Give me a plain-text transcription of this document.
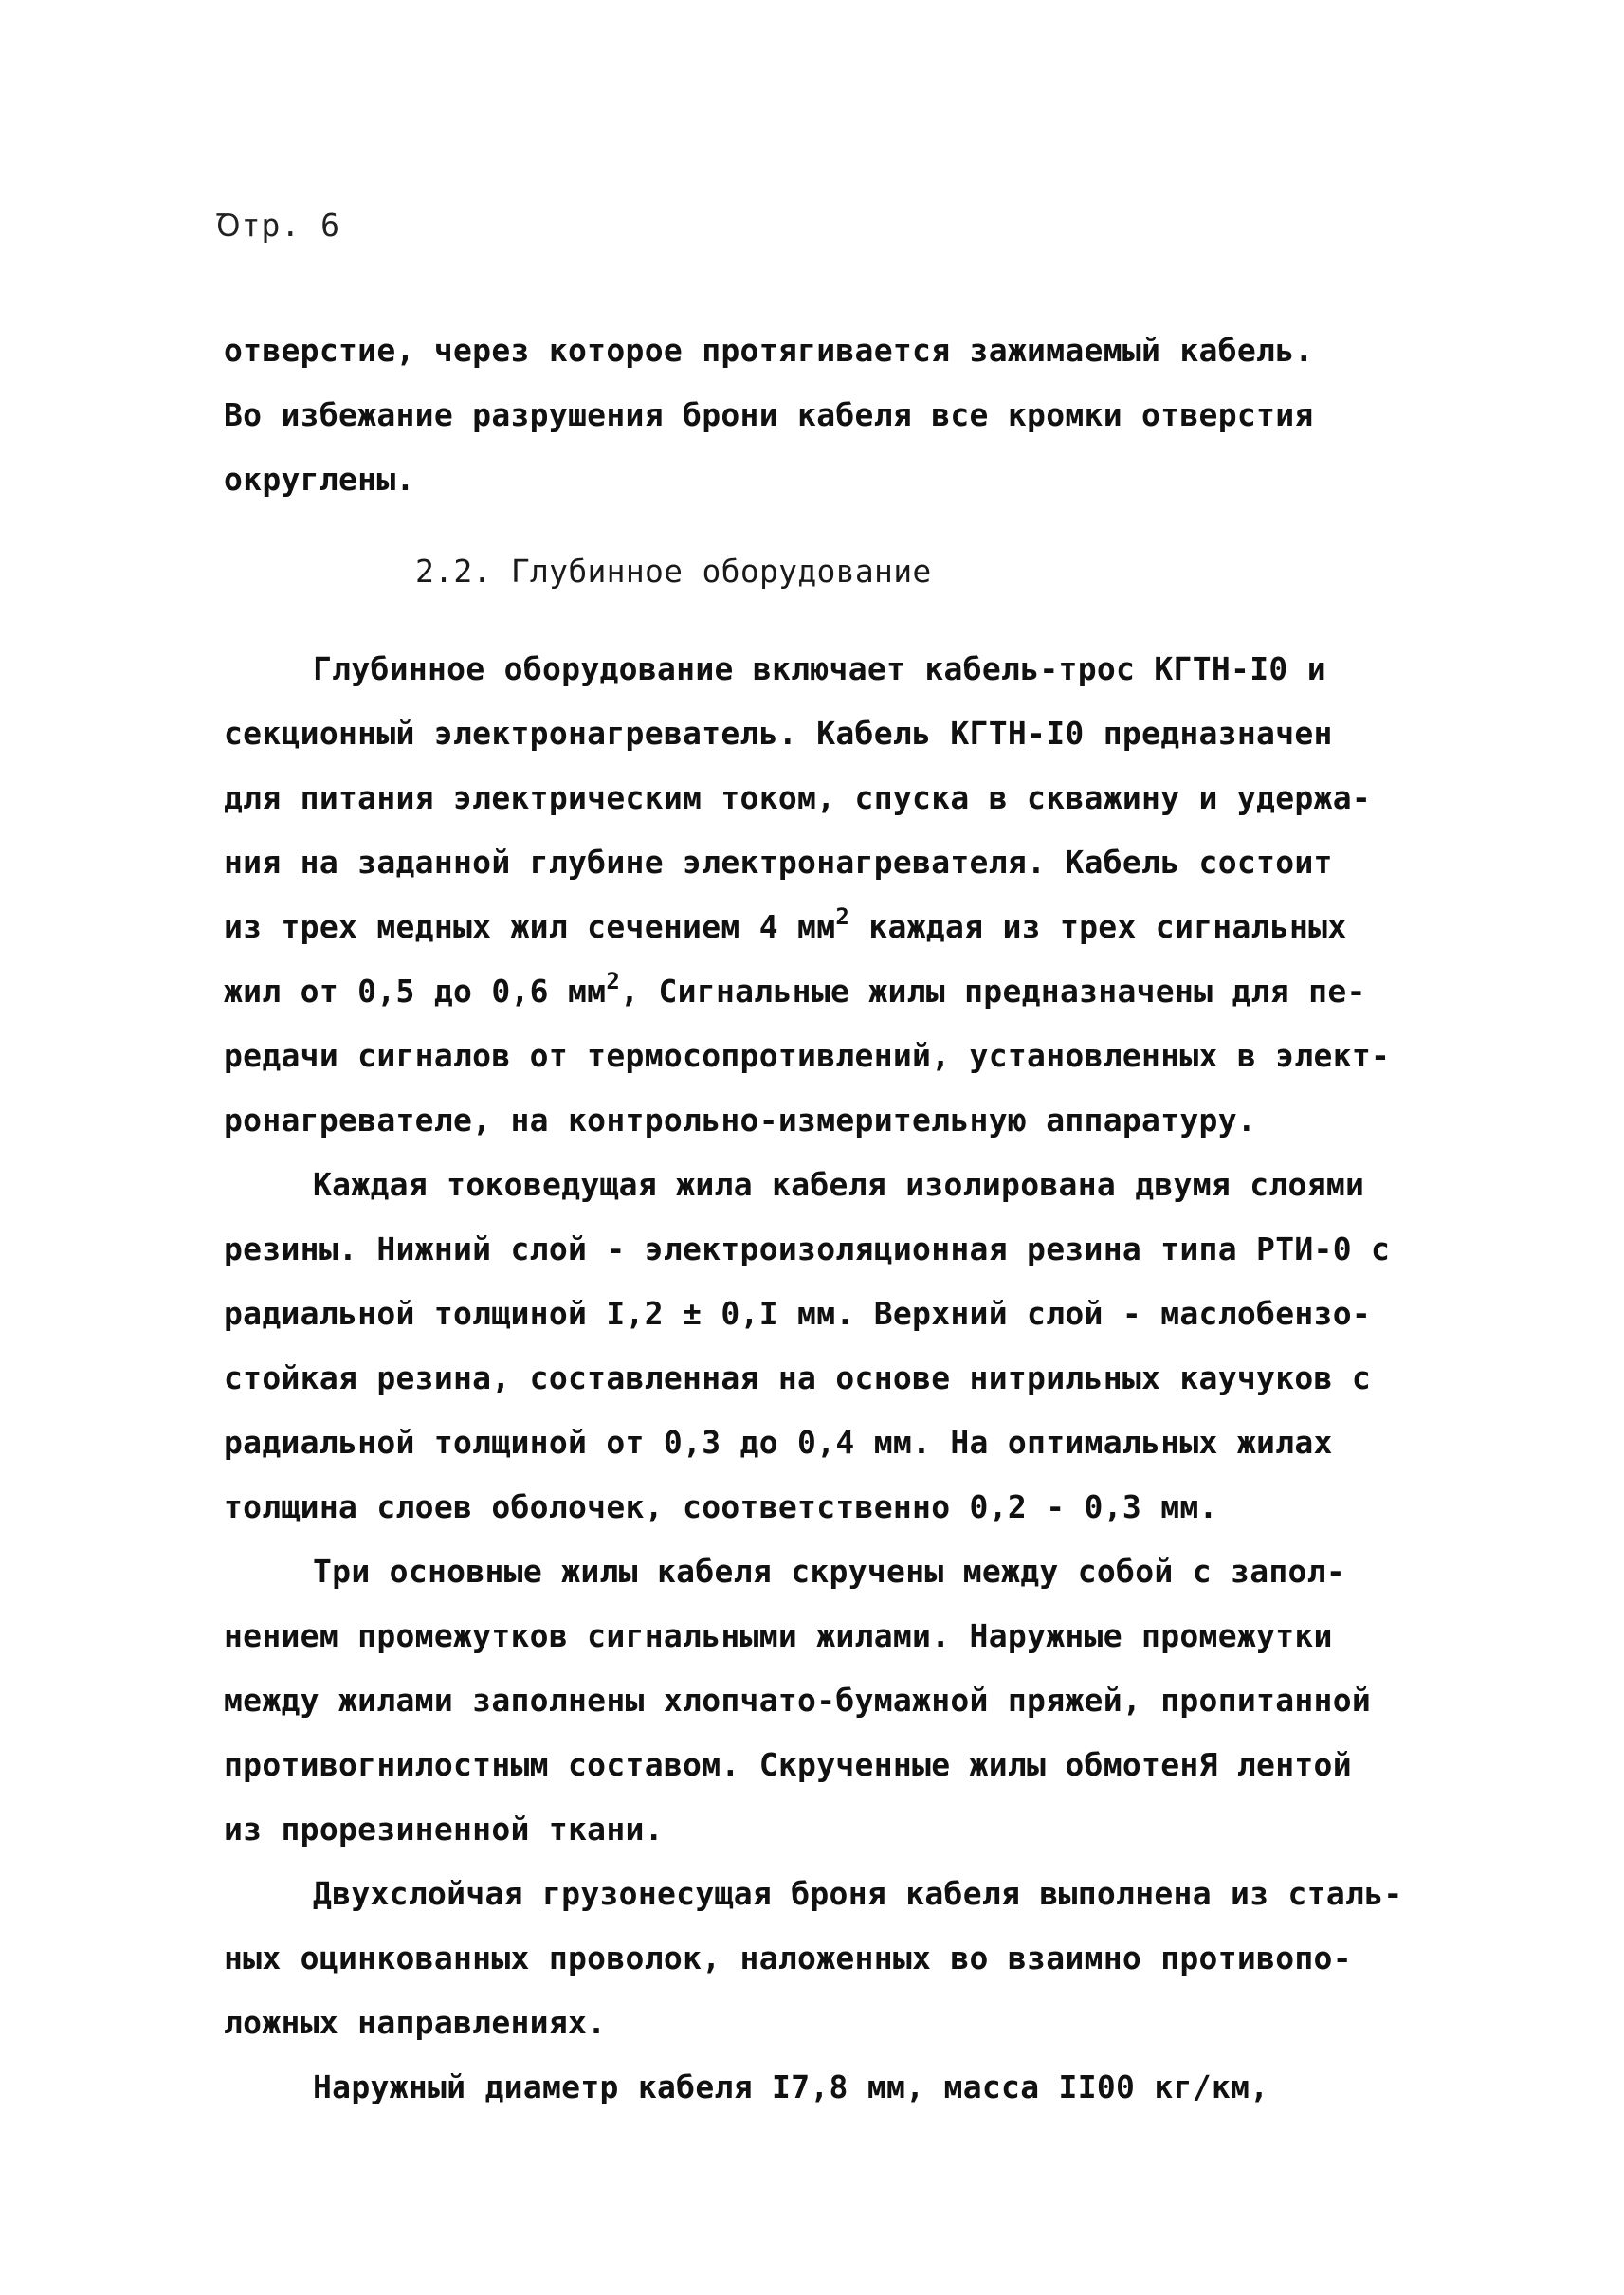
Ꝺтр. 6
отверстие, через которое протягивается зажимаемый кабель.
Во избежание разрушения брони кабеля все кромки отверстия
округлены.
2.2. Глубинное оборудование
Глубинное оборудование включает кабель-трос КГТН-I0 и
секционный электронагреватель. Кабель КГТН-I0 предназначен
для питания электрическим током, спуска в скважину и удержа-
ния на заданной глубине электронагревателя. Кабель состоит
из трех медных жил сечением 4 $мм^2$ каждая из трех сигнальных
жил от 0,5 до 0,6 $мм^2$, Сигнальные жилы предназначены для пе-
редачи сигналов от термосопротивлений, установленных в элект-
ронагревателе, на контрольно-измерительную аппаратуру.
Каждая токоведущая жила кабеля изолирована двумя слоями
резины. Нижний слой - электроизоляционная резина типа РТИ-0 с
радиальной толщиной I,2 ± 0,I мм. Верхний слой - маслобензо-
стойкая резина, составленная на основе нитрильных каучуков с
радиальной толщиной от 0,3 до 0,4 мм. На оптимальных жилах
толщина слоев оболочек, соответственно 0,2 - 0,3 мм.
Три основные жилы кабеля скручены между собой с запол-
нением промежутков сигнальными жилами. Наружные промежутки
между жилами заполнены хлопчато-бумажной пряжей, пропитанной
противогнилостным составом. Скрученные жилы обмотенЯ лентой
из прорезиненной ткани.
Двухслойчая грузонесущая броня кабеля выполнена из сталь-
ных оцинкованных проволок, наложенных во взаимно противопо-
ложных направлениях.
Наружный диаметр кабеля I7,8 мм, масса II00 кг/км,
